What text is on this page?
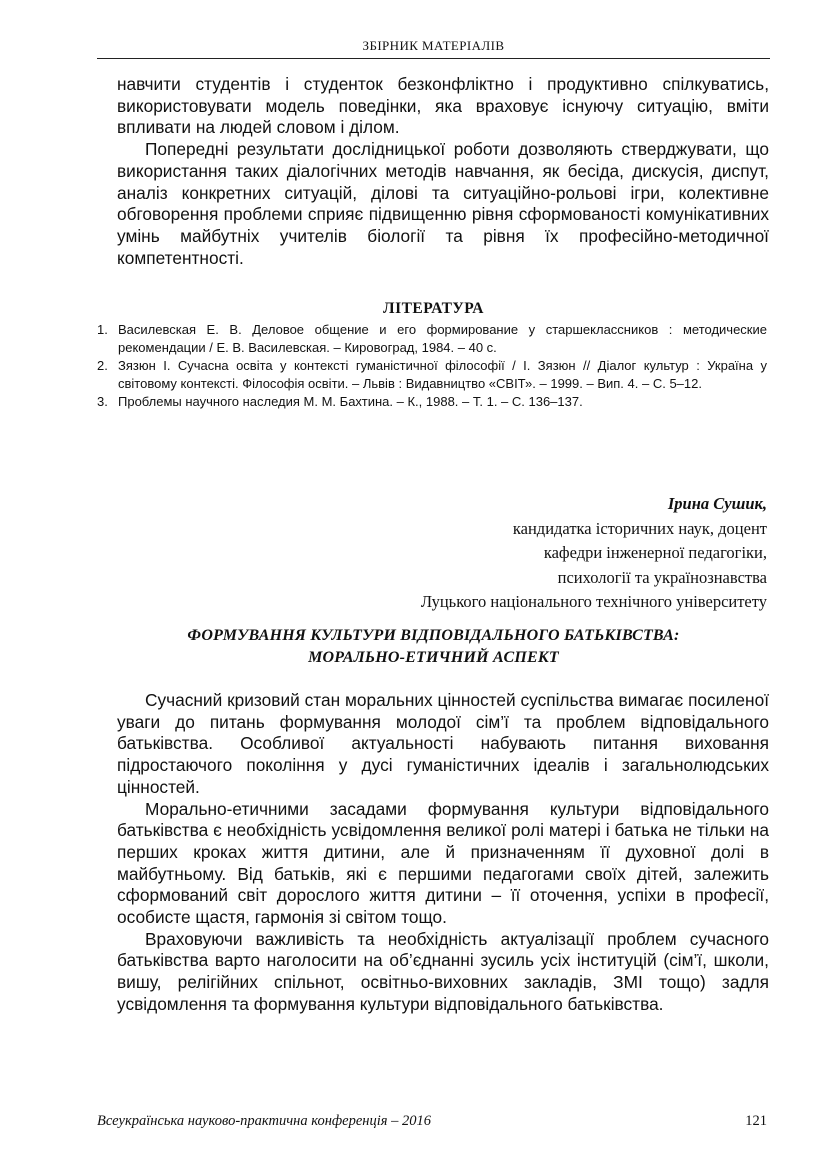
ЗБІРНИК МАТЕРІАЛІВ

навчити студентів і студенток безконфліктно і продуктивно спілкуватись, використовувати модель поведінки, яка враховує існуючу ситуацію, вміти впливати на людей словом і ділом.

Попередні результати дослідницької роботи дозволяють стверджувати, що використання таких діалогічних методів навчання, як бесіда, дискусія, диспут, аналіз конкретних ситуацій, ділові та ситуаційно-рольові ігри, колективне обговорення проблеми сприяє підвищенню рівня сформованості комунікативних умінь майбутніх учителів біології та рівня їх професійно-методичної компетентності.

ЛІТЕРАТУРА
1. Василевская Е. В. Деловое общение и его формирование у старшеклассников : методические рекомендации / Е. В. Василевская. – Кировоград, 1984. – 40 с.
2. Зязюн І. Сучасна освіта у контексті гуманістичної філософії / І. Зязюн // Діалог культур : Україна у світовому контексті. Філософія освіти. – Львів : Видавництво «СВІТ». – 1999. – Вип. 4. – С. 5–12.
3. Проблемы научного наследия М. М. Бахтина. – К., 1988. – Т. 1. – С. 136–137.
Ірина Сушик,
кандидатка історичних наук, доцент
кафедри інженерної педагогіки,
психології та українознавства
Луцького національного технічного університету
ФОРМУВАННЯ КУЛЬТУРИ ВІДПОВІДАЛЬНОГО БАТЬКІВСТВА:
МОРАЛЬНО-ЕТИЧНИЙ АСПЕКТ

Сучасний кризовий стан моральних цінностей суспільства вимагає посиленої уваги до питань формування молодої сім’ї та проблем відповідального батьківства. Особливої актуальності набувають питання виховання підростаючого покоління у дусі гуманістичних ідеалів і загальнолюдських цінностей.

Морально-етичними засадами формування культури відповідального батьківства є необхідність усвідомлення великої ролі матері і батька не тільки на перших кроках життя дитини, але й призначенням її духовної долі в майбутньому. Від батьків, які є першими педагогами своїх дітей, залежить сформований світ дорослого життя дитини – її оточення, успіхи в професії, особисте щастя, гармонія зі світом тощо.

Враховуючи важливість та необхідність актуалізації проблем сучасного батьківства варто наголосити на об’єднанні зусиль усіх інституцій (сім’ї, школи, вишу, релігійних спільнот, освітньо-виховних закладів, ЗМІ тощо) задля усвідомлення та формування культури відповідального батьківства.

Всеукраїнська науково-практична конференція – 2016	121
